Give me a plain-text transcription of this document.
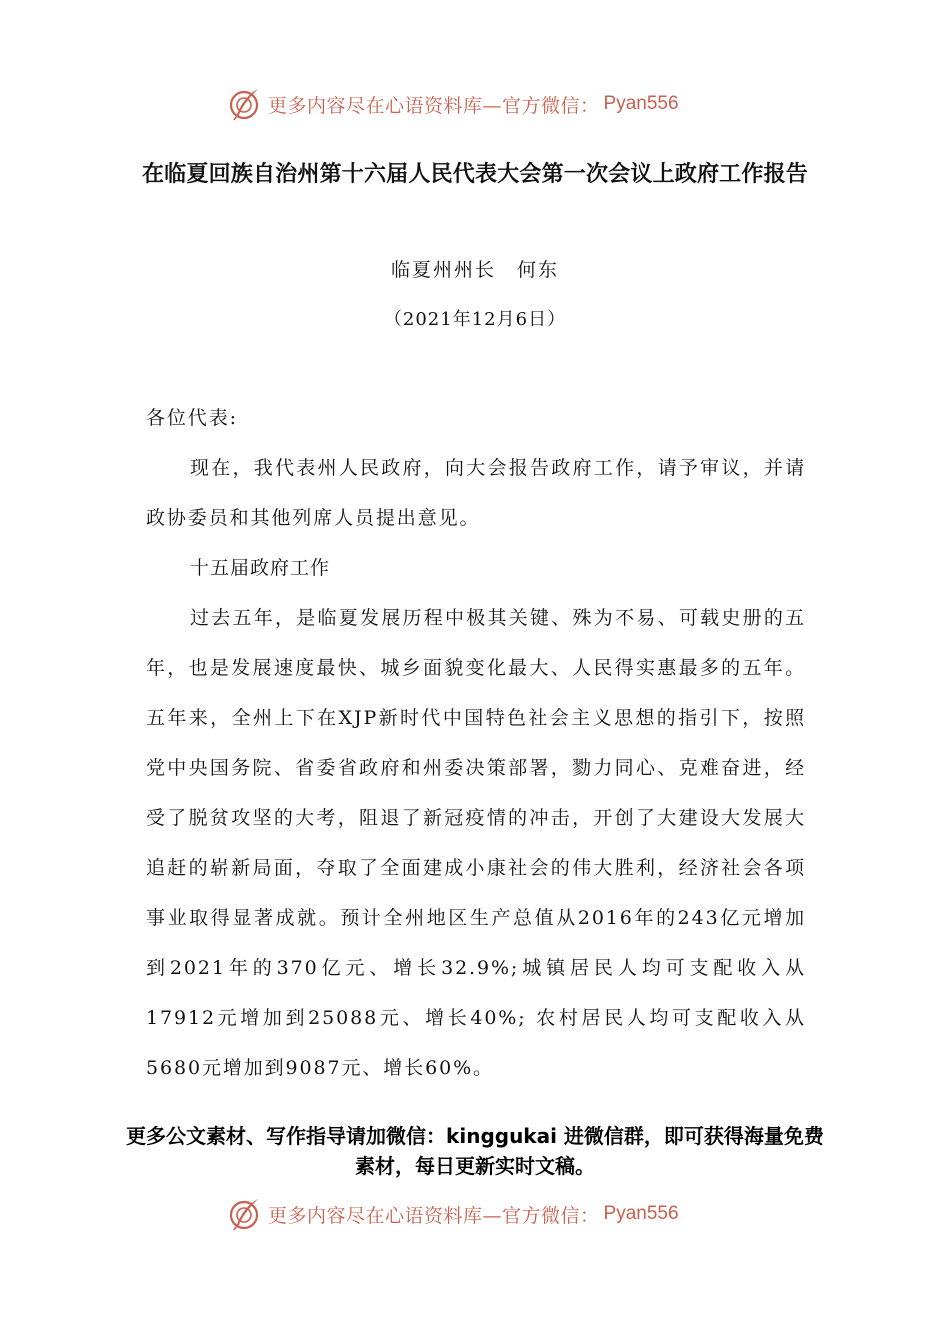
更多内容尽在心语资料库—官方微信： Pyan556
在临夏回族自治州第十六届人民代表大会第一次会议上政府工作报告
临夏州州长　何东
（2021年12月6日）
各位代表:
现在，我代表州人民政府，向大会报告政府工作，请予审议，并请政协委员和其他列席人员提出意见。
十五届政府工作
过去五年，是临夏发展历程中极其关键、殊为不易、可载史册的五年，也是发展速度最快、城乡面貌变化最大、人民得实惠最多的五年。五年来，全州上下在XJP新时代中国特色社会主义思想的指引下，按照党中央国务院、省委省政府和州委决策部署，勠力同心、克难奋进，经受了脱贫攻坚的大考，阻退了新冠疫情的冲击，开创了大建设大发展大追赶的崭新局面，夺取了全面建成小康社会的伟大胜利，经济社会各项事业取得显著成就。预计全州地区生产总值从2016年的243亿元增加到2021年的370亿元、增长32.9%;城镇居民人均可支配收入从17912元增加到25088元、增长40%; 农村居民人均可支配收入从5680元增加到9087元、增长60%。
更多公文素材、写作指导请加微信：kinggukai 进微信群，即可获得海量免费素材，每日更新实时文稿。
更多内容尽在心语资料库—官方微信： Pyan556
